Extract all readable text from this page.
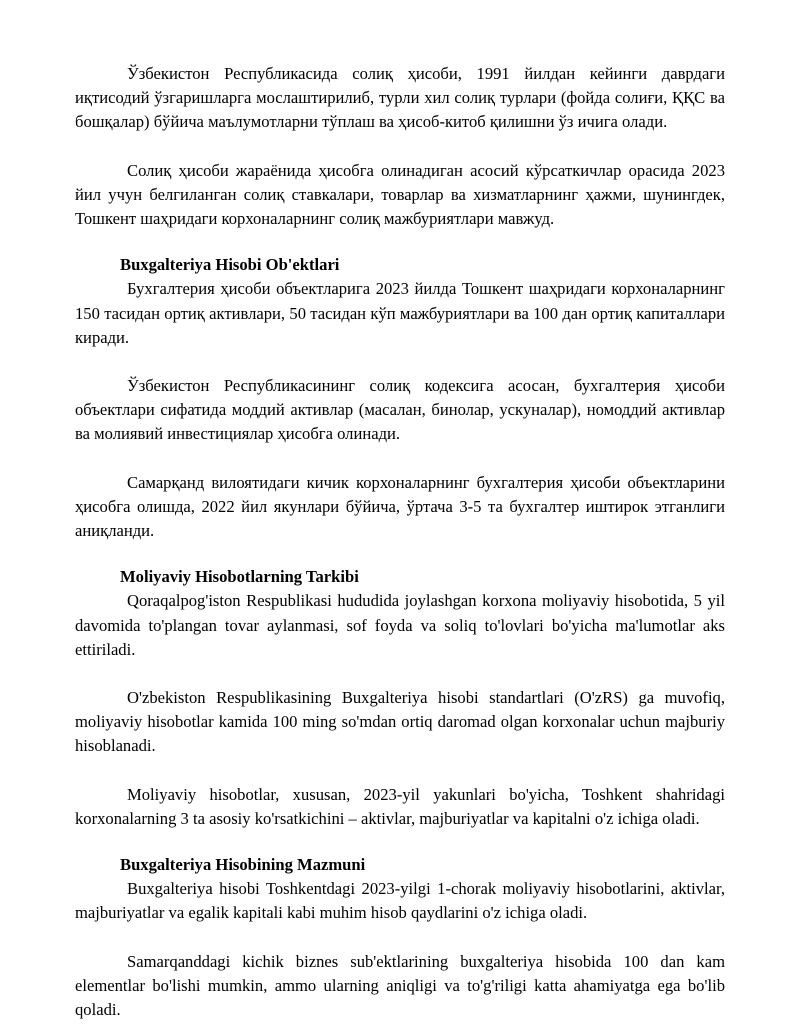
Ўзбекистон Республикасида солиқ ҳисоби, 1991 йилдан кейинги даврдаги иқтисодий ўзгаришларга мослаштирилиб, турли хил солиқ турлари (фойда солиғи, ҚҚС ва бошқалар) бўйича маълумотларни тўплаш ва ҳисоб-китоб қилишни ўз ичига олади.

Солиқ ҳисоби жараёнида ҳисобга олинадиган асосий кўрсаткичлар орасида 2023 йил учун белгиланган солиқ ставкалари, товарлар ва хизматларнинг ҳажми, шунингдек, Тошкент шаҳридаги корхоналарнинг солиқ мажбуриятлари мавжуд.

Buxgalteriya Hisobi Ob'ektlari

Бухгалтерия ҳисоби объектларига 2023 йилда Тошкент шаҳридаги корхоналарнинг 150 тасидан ортиқ активлари, 50 тасидан кўп мажбуриятлари ва 100 дан ортиқ капиталлари киради.

Ўзбекистон Республикасининг солиқ кодексига асосан, бухгалтерия ҳисоби объектлари сифатида моддий активлар (масалан, бинолар, ускуналар), номоддий активлар ва молиявий инвестициялар ҳисобга олинади.

Самарқанд вилоятидаги кичик корхоналарнинг бухгалтерия ҳисоби объектларини ҳисобга олишда, 2022 йил якунлари бўйича, ўртача 3-5 та бухгалтер иштирок этганлиги аниқланди.

Moliyaviy Hisobotlarning Tarkibi

Qoraqalpog'iston Respublikasi hududida joylashgan korxona moliyaviy hisobotida, 5 yil davomida to'plangan tovar aylanmasi, sof foyda va soliq to'lovlari bo'yicha ma'lumotlar aks ettiriladi.

O'zbekiston Respublikasining Buxgalteriya hisobi standartlari (O'zRS) ga muvofiq, moliyaviy hisobotlar kamida 100 ming so'mdan ortiq daromad olgan korxonalar uchun majburiy hisoblanadi.

Moliyaviy hisobotlar, xususan, 2023-yil yakunlari bo'yicha, Toshkent shahridagi korxonalarning 3 ta asosiy ko'rsatkichini – aktivlar, majburiyatlar va kapitalni o'z ichiga oladi.

Buxgalteriya Hisobining Mazmuni

Buxgalteriya hisobi Toshkentdagi 2023-yilgi 1-chorak moliyaviy hisobotlarini, aktivlar, majburiyatlar va egalik kapitali kabi muhim hisob qaydlarini o'z ichiga oladi.

Samarqanddagi kichik biznes sub'ektlarining buxgalteriya hisobida 100 dan kam elementlar bo'lishi mumkin, ammo ularning aniqligi va to'g'riligi katta ahamiyatga ega bo'lib qoladi.
